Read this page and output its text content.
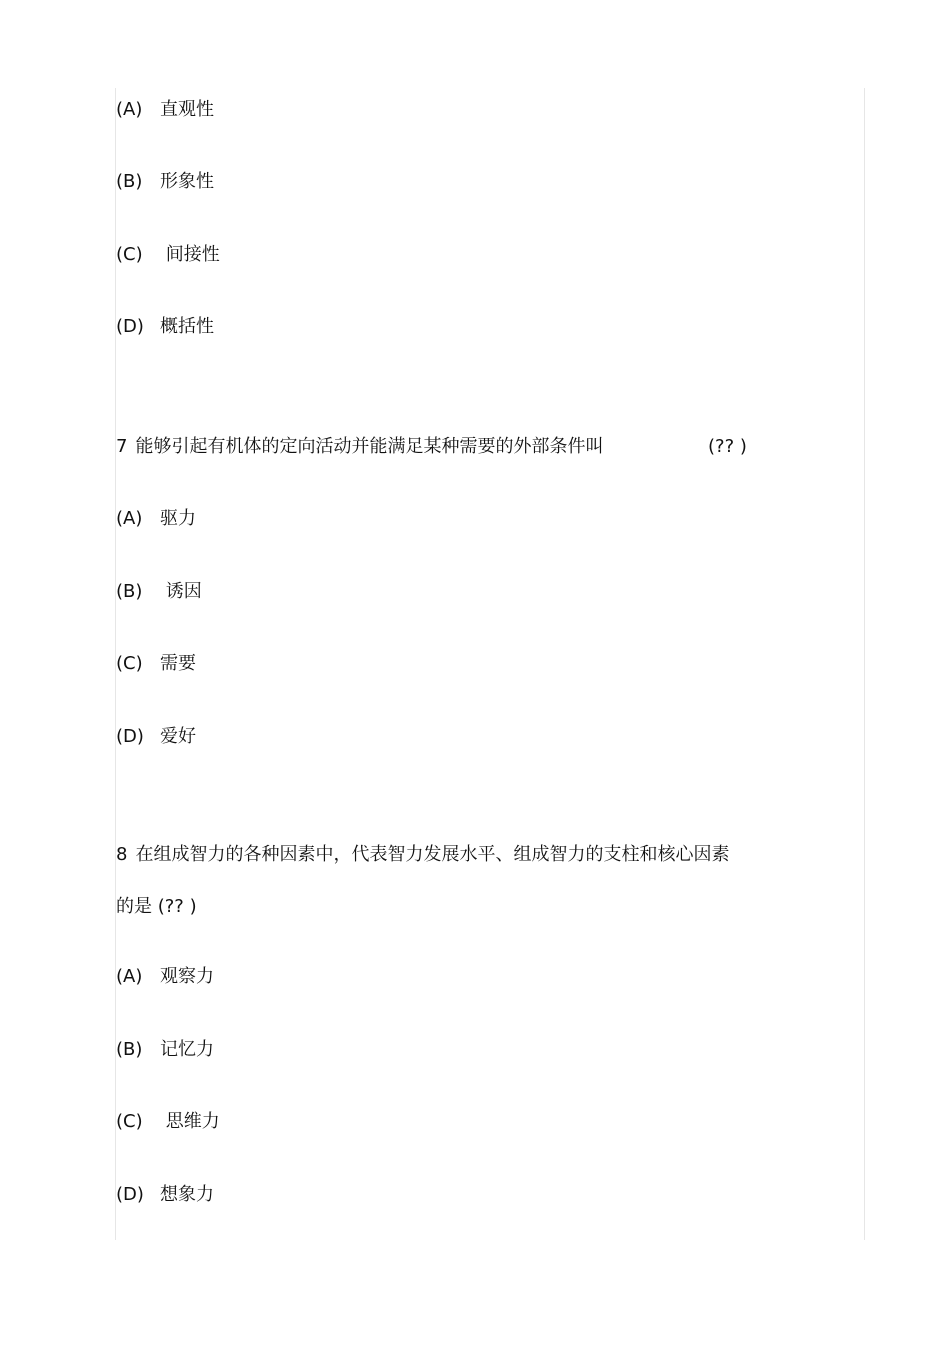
(A) 直观性
(B) 形象性
(C) 间接性
(D) 概括性
7 能够引起有机体的定向活动并能满足某种需要的外部条件叫	(?? )
(A) 驱力
(B) 诱因
(C) 需要
(D) 爱好
8 在组成智力的各种因素中，代表智力发展水平、组成智力的支柱和核心因素
的是 (?? )
(A) 观察力
(B) 记忆力
(C) 思维力
(D) 想象力
